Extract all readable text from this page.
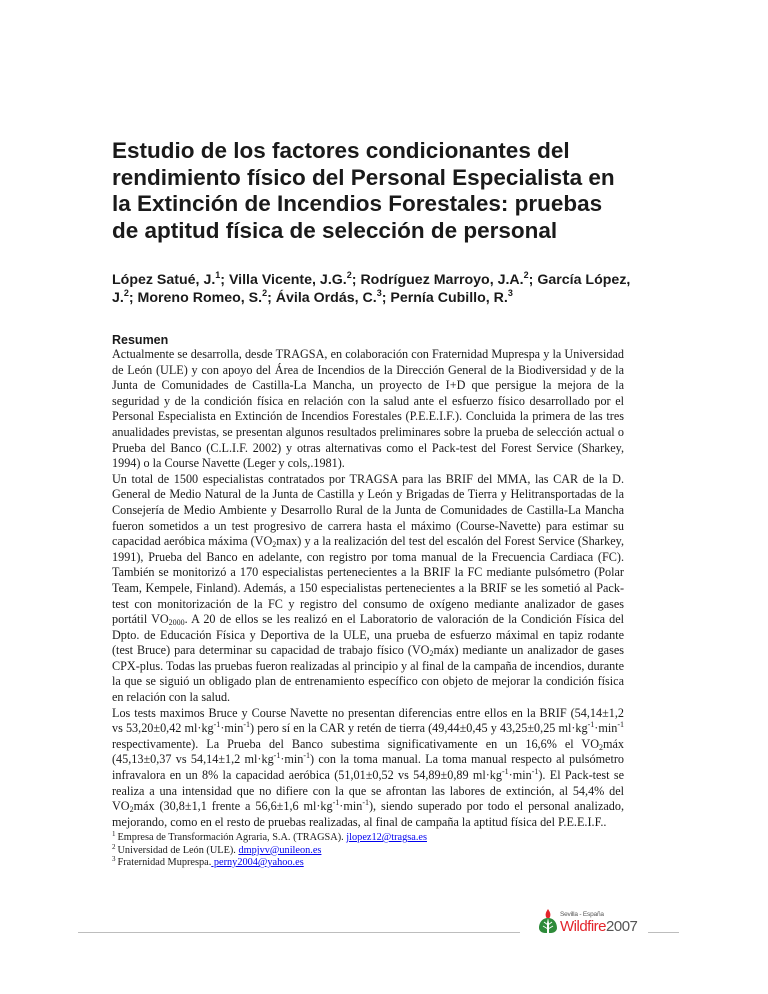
Estudio de los factores condicionantes del rendimiento físico del Personal Especialista en la Extinción de Incendios Forestales: pruebas de aptitud física de selección de personal
López Satué, J.$^1$; Villa Vicente, J.G.$^2$; Rodríguez Marroyo, J.A.$^2$; García López, J.$^2$; Moreno Romeo, S.$^2$; Ávila Ordás, C.$^3$; Pernía Cubillo, R.$^3$
Resumen

Actualmente se desarrolla, desde TRAGSA, en colaboración con Fraternidad Muprespa y la Universidad de León (ULE) y con apoyo del Área de Incendios de la Dirección General de la Biodiversidad y de la Junta de Comunidades de Castilla-La Mancha, un proyecto de I+D que persigue la mejora de la seguridad y de la condición física en relación con la salud ante el esfuerzo físico desarrollado por el Personal Especialista en Extinción de Incendios Forestales (P.E.E.I.F.). Concluida la primera de las tres anualidades previstas, se presentan algunos resultados preliminares sobre la prueba de selección actual o Prueba del Banco (C.L.I.F. 2002) y otras alternativas como el Pack-test del Forest Service (Sharkey, 1994) o la Course Navette (Leger y cols,.1981).

Un total de 1500 especialistas contratados por TRAGSA para las BRIF del MMA, las CAR de la D. General de Medio Natural de la Junta de Castilla y León y Brigadas de Tierra y Helitransportadas de la Consejería de Medio Ambiente y Desarrollo Rural de la Junta de Comunidades de Castilla-La Mancha fueron sometidos a un test progresivo de carrera hasta el máximo (Course-Navette) para estimar su capacidad aeróbica máxima $(VO_2\max)$ y a la realización del test del escalón del Forest Service (Sharkey, 1991), Prueba del Banco en adelante, con registro por toma manual de la Frecuencia Cardiaca (FC). También se monitorizó a 170 especialistas pertenecientes a la BRIF la FC mediante pulsómetro (Polar Team, Kempele, Finland). Además, a 150 especialistas pertenecientes a la BRIF se les sometió al Pack-test con monitorización de la FC y registro del consumo de oxígeno mediante analizador de gases portátil $VO_{2000}$. A 20 de ellos se les realizó en el Laboratorio de valoración de la Condición Física del Dpto. de Educación Física y Deportiva de la ULE, una prueba de esfuerzo máximal en tapiz rodante (test Bruce) para determinar su capacidad de trabajo físico $(VO_2máx)$ mediante un analizador de gases CPX-plus. Todas las pruebas fueron realizadas al principio y al final de la campaña de incendios, durante la que se siguió un obligado plan de entrenamiento específico con objeto de mejorar la condición física en relación con la salud.

Los tests maximos Bruce y Course Navette no presentan diferencias entre ellos en la BRIF (54,14±1,2 vs 53,20±0,42 $ml\cdot kg^{-1}\cdot\min^{-1}$) pero sí en la CAR y retén de tierra (49,44±0,45 y 43,25±0,25 $ml\cdot kg^{-1}\cdot\min^{-1}$ respectivamente). La Prueba del Banco subestima significativamente en un 16,6% el $VO_2máx$ (45,13±0,37 vs 54,14±1,2 $ml\cdot kg^{-1}\cdot\min^{-1}$) con la toma manual. La toma manual respecto al pulsómetro infravalora en un 8% la capacidad aeróbica (51,01±0,52 vs 54,89±0,89 $ml\cdot kg^{-1}\cdot\min^{-1}$). El Pack-test se realiza a una intensidad que no difiere con la que se afrontan las labores de extinción, al 54,4% del $VO_2máx$ (30,8±1,1 frente a 56,6±1,6 $ml\cdot kg^{-1}\cdot\min^{-1}$), siendo superado por todo el personal analizado, mejorando, como en el resto de pruebas realizadas, al final de campaña la aptitud física del P.E.E.I.F..

$^1$ Empresa de Transformación Agraria, S.A. (TRAGSA). jlopez12@tragsa.es
$^2$ Universidad de León (ULE). dmpjvv@unileon.es
$^3$ Fraternidad Muprespa. perny2004@yahoo.es
Sevilla - España
Wildfire2007
